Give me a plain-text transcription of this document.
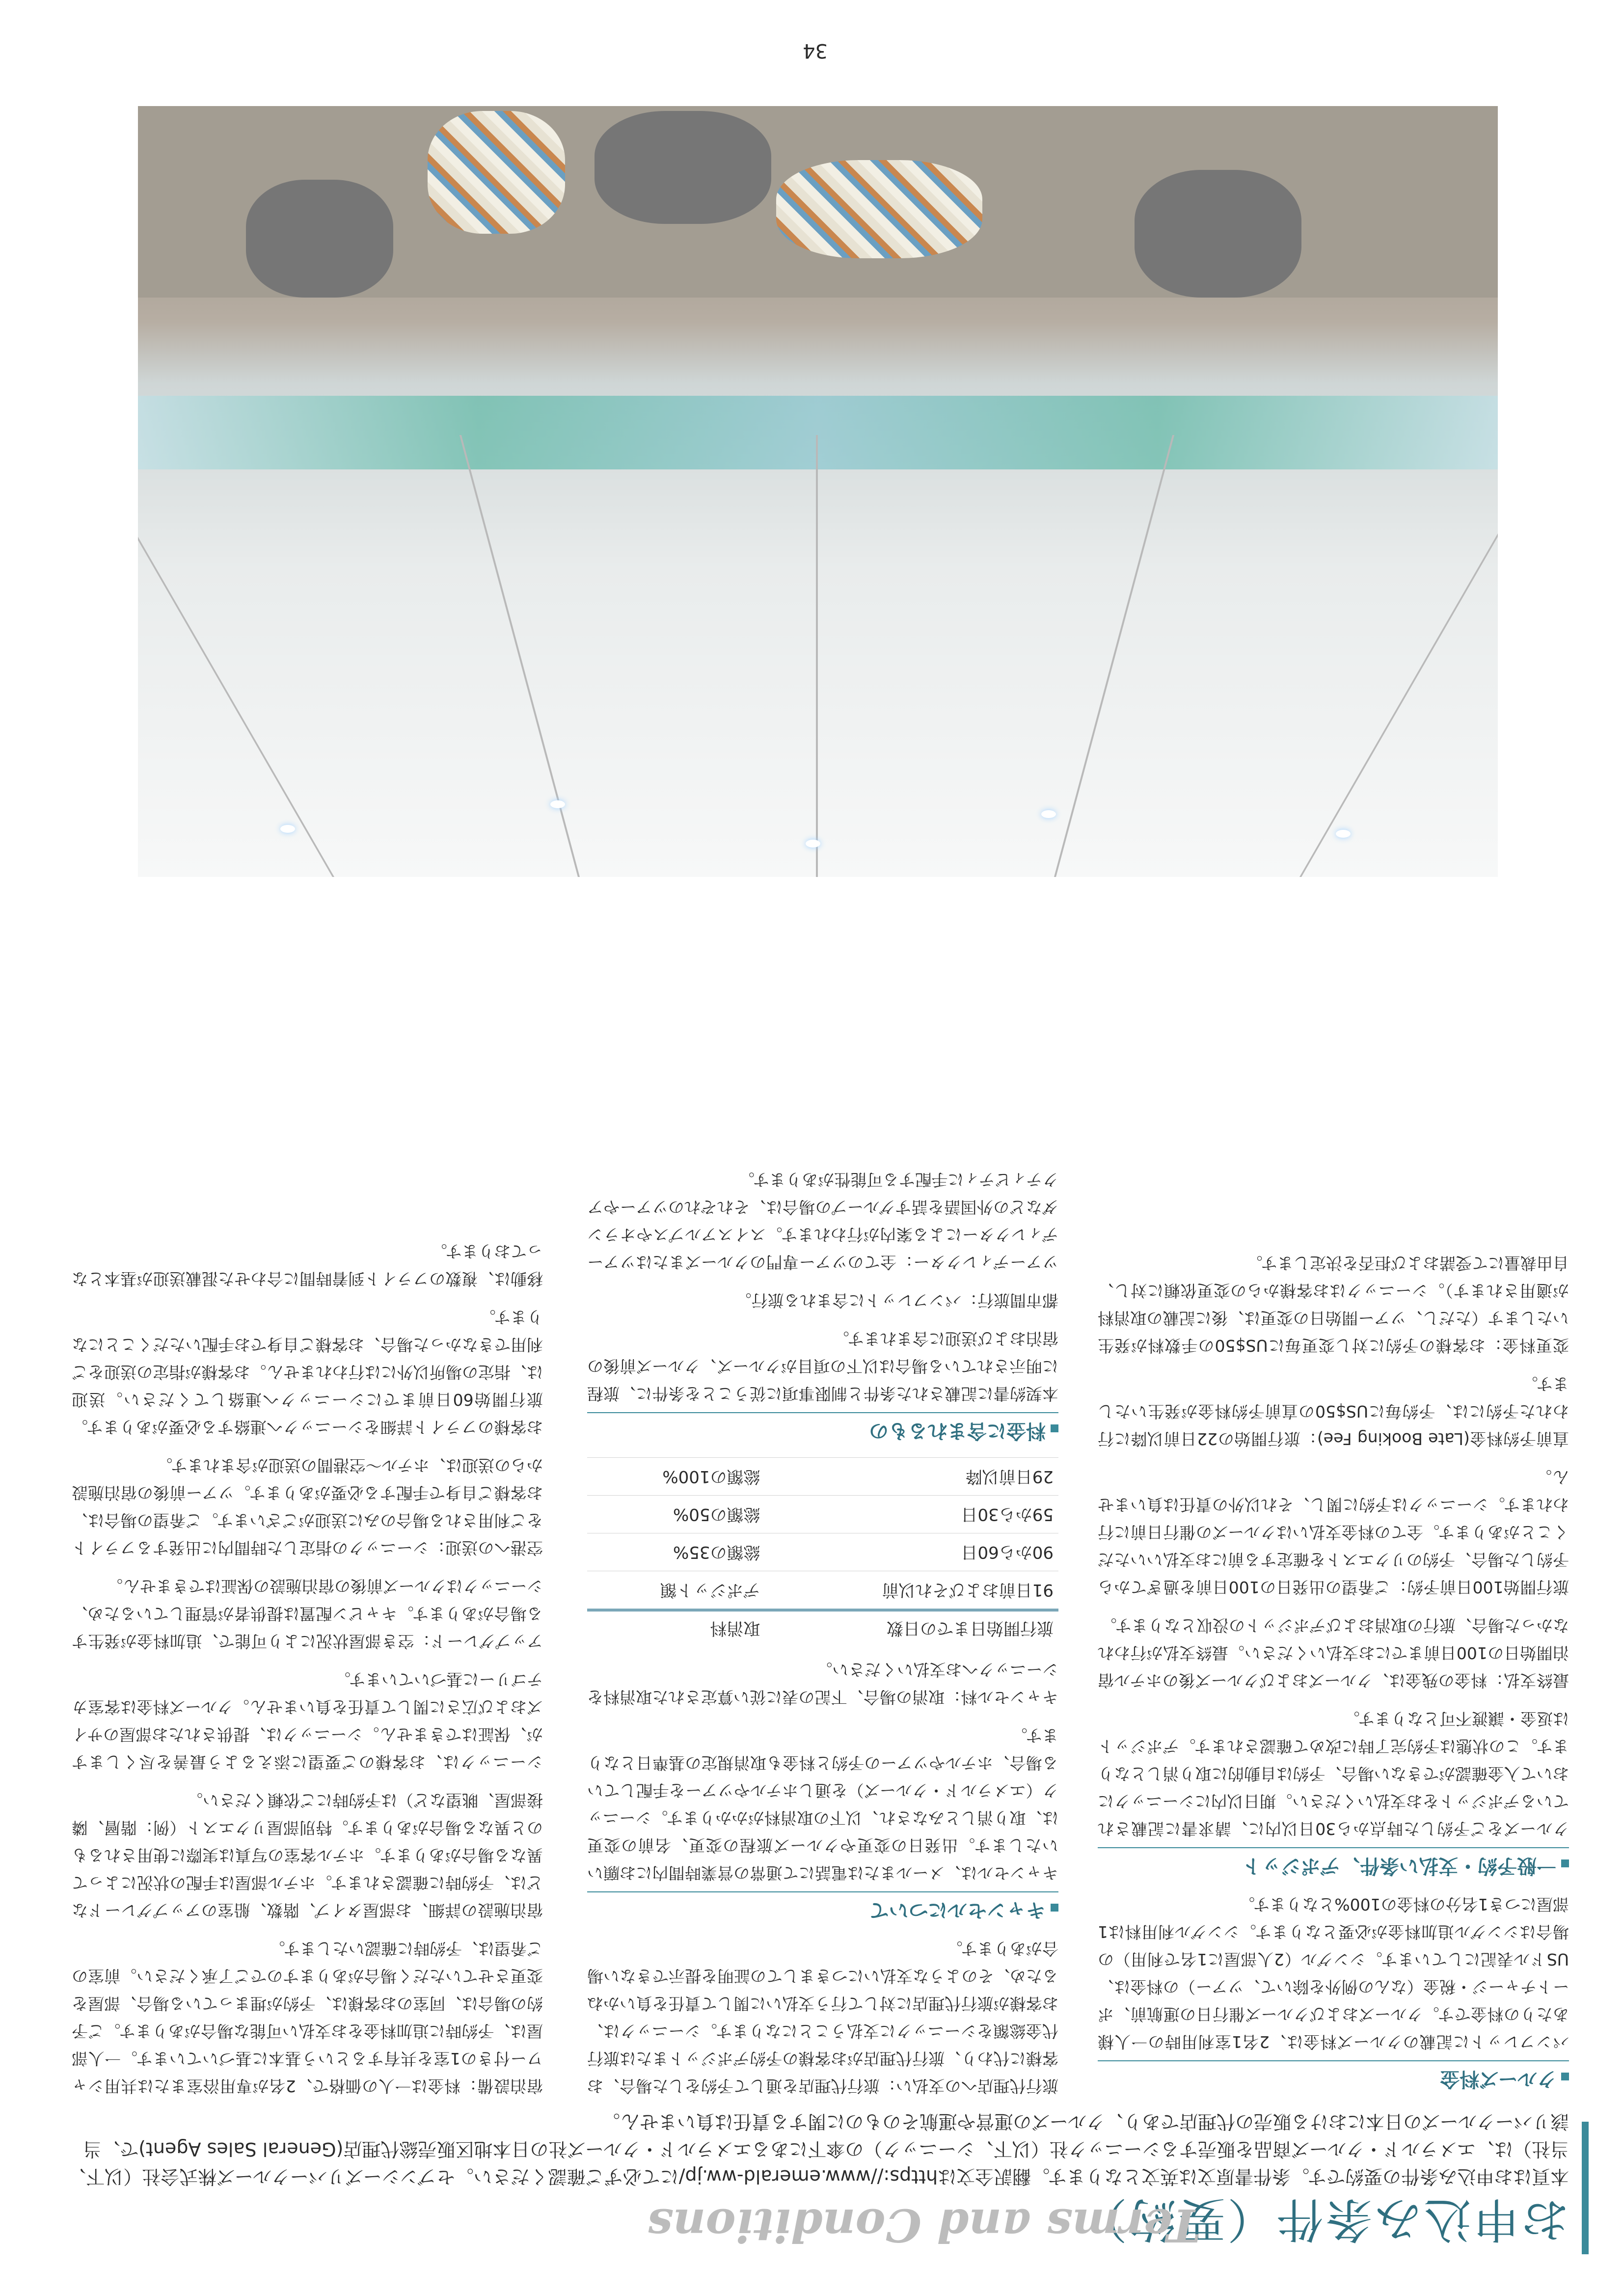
お申込み条件（要約）
Terms and Conditions
本頁はお申込み条件の要約です。条件書原文は英文となります。翻訳全文はhttps://www.emerald-ww.jp/にて必ずご確認ください。セブンシーズリバークルーズ株式会社（以下、当社）は、エメラルド・クルーズ商品を販売するシーニック社（以下、シーニック）の傘下にあるエメラルド・クルーズ社の日本地区販売総代理店(General Sales Agent)で、当該リバークルーズの日本における販売の代理店であり、クルーズの運営や運航そのものに関する責任は負いません。
クルーズ料金

パンフレットに記載のクルーズ料金は、2名1室利用時の一人様あたりの料金です。クルーズおよびクルーズ催行日の運航前、ポートチャージ・税金（なんの例外を除いて、ツアー）の料金は、USドル表記にしています。シングル（2人部屋に1名で利用）の場合はシングル追加料金が必要となります。シングル利用料は1部屋につき1名分の料金の100%となります。

一般予約・支払い条件、デポジット

クルーズをご予約した時点から30日以内に、請求書に記載されているデポジットをお支払いください。期日以内にシーニックにおいて入金確認ができない場合、予約は自動的に取り消しとなります。この状態は予約完了時に改めて確認されます。デポジットは返金・譲渡不可となります。

最終支払：料金の残金は、クルーズおよびクルーズ後のホテル宿泊開始日の100日前までにお支払いください。最終支払が行われなかった場合、旅行の取消およびデポジットの没収となります。

旅行開始100日前予約：ご希望の出発日の100日前を過ぎてから予約した場合、予約のリクエストを確定する前にお支払いいただくことがあります。全ての料金支払いはクルーズの催行日前に行われます。シーニックは予約に関し、それ以外の責任は負いません。

直前予約料金(Late Booking Fee)：旅行開始の22日前以降に行われた予約には、予約毎にUS$50の直前予約料金が発生いたします。

変更料金：お客様の予約に対し変更毎にUS$50の手数料が発生いたします（ただし、ツアー開始日の変更は、後に記載の取消料が適用されます）。シーニックはお客様からの変更依頼に対し、自由裁量にて受諾および拒否を決定します。

旅行代理店への支払い：旅行代理店を通して予約をした場合、お客様に代わり、旅行代理店がお客様の予約デポジットまたは旅行代金総額をシーニックに支払うことになります。シーニックは、お客様が旅行代理店に対して行う支払いに関して責任を負いかねるため、そのような支払いにつきましての証明を提示できない場合があります。

キャンセルについて

キャンセルは、メールまたは電話にて通常の営業時間内にお願いいたします。出発日の変更やクルーズ旅程の変更、名前の変更は、取り消しとみなされ、以下の取消料がかかります。シーニック（エメラルド・クルーズ）を通しホテルやツアーを手配している場合、ホテルやツアーの予約と料金も取消規定の基準日となります。

キャンセル料：取消の場合、下記の表に従い算定された取消料をシーニックへお支払いください。

旅行開始日までの日数	取消料
91日前およびそれ以前	デポジット額
90から60日	総額の35%
59から30日	総額の50%
29日前以降	総額の100%
料金に含まれるもの

本契約書に記載された条件と制限事項に従うことを条件に、旅程に明示されている場合は以下の項目がクルーズ、クルーズ前後の宿泊および送迎に含まれます。

都市間旅行：パンフレットに含まれる旅行。

ツアーディレクター：全てのツアー専門のクルーズまたはツアーディレクターによる案内が行われます。スイスアルプスやオランダなどの外国語を話すグループの場合は、それぞれのツアーやアクティビティに手配する可能性があります。

宿泊設備：料金は一人の価格で、2名が専用浴室または共用シャワー付きの1室を共有するという基本に基づいています。一人部屋は、予約時に追加料金をお支払い可能な場合があります。ご予約の場合は、同室のお客様は、予約が埋まっている場合、部屋を変更させていただく場合がありますのでご了承ください。前室のご希望は、予約時に確認いたします。

宿泊施設の詳細、お部屋タイプ、階数、船室のアップグレードなどは、予約時に確認されます。ホテル部屋は手配の状況によって異なる場合があります。ホテル客室の写真は実際に使用されるものと異なる場合があります。特別部屋リクエスト（例：階層、隣接部屋、眺望など）は予約時にご依頼ください。

シーニックは、お客様のご要望に添えるよう最善を尽くしますが、保証はできません。シーニックは、提供されたお部屋のサイズおよび広さに関して責任を負いません。クルーズ料金は客室カテゴリーに基づいています。

アップグレード：空き部屋状況により可能で、追加料金が発生する場合があります。キャビン配置は提供者が管理しているため、シーニックはクルーズ前後の宿泊施設の保証はできません。

空港への送迎：シーニックの指定した時間内に出発するフライトをご利用される場合のみに送迎がございます。ご希望の場合は、お客様ご自身で手配する必要があります。ツアー前後の宿泊施設からの送迎は、ホテル〜空港間の送迎が含まれます。

お客様のフライト詳細をシーニックへ連絡する必要があります。旅行開始60日前までにシーニックへ連絡してください。送迎は、指定の場所以外には行われません。お客様が指定の送迎をご利用できなかった場合、お客様ご自身でお手配いただくことになります。

移動は、複数のフライト到着時間に合わせた混載送迎が基本となっております。

34
